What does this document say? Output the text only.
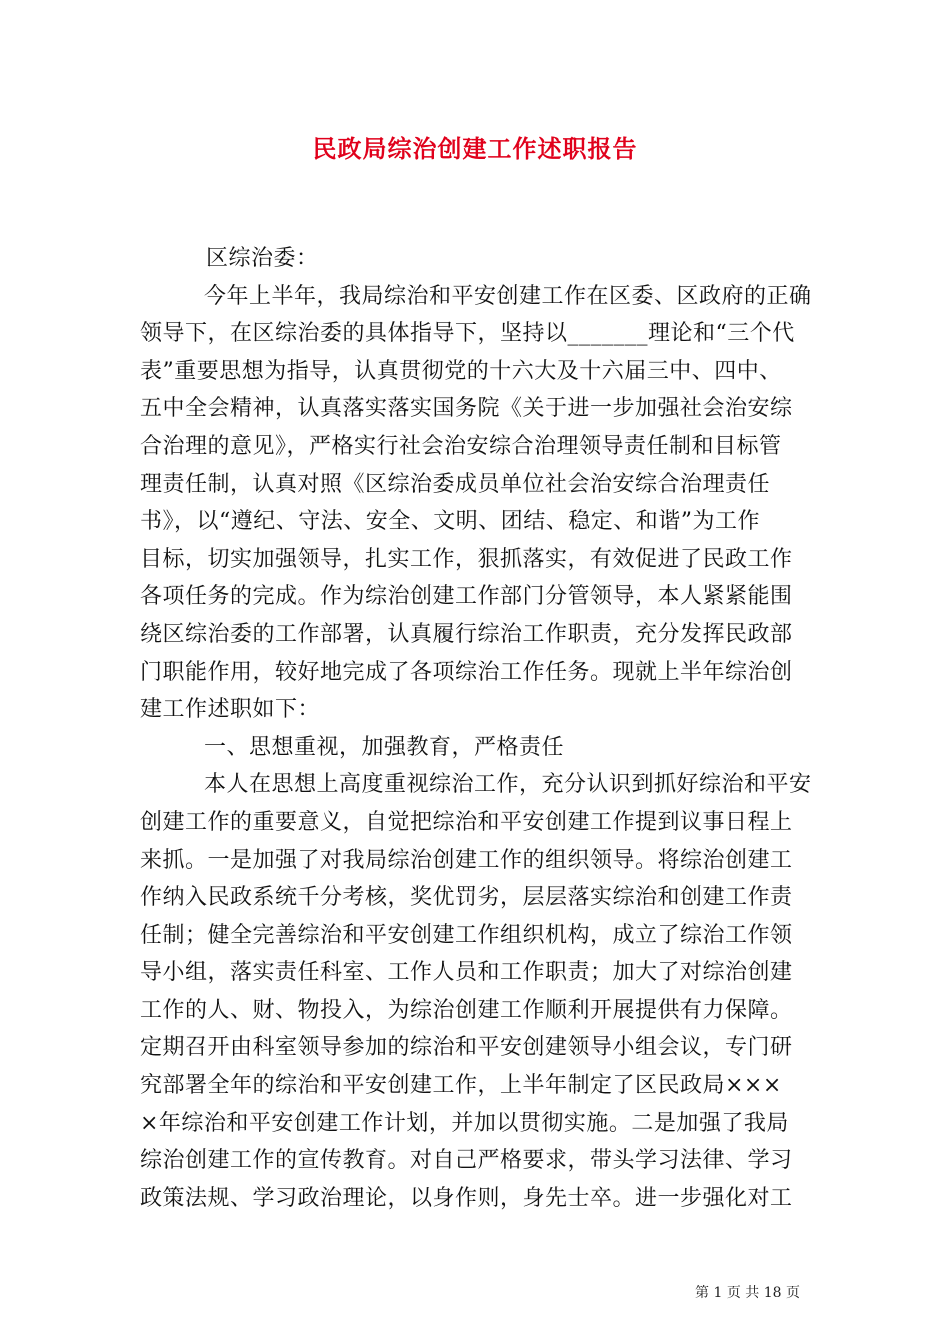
民政局综治创建工作述职报告
区综治委：
今年上半年，我局综治和平安创建工作在区委、区政府的正确
领导下，在区综治委的具体指导下，坚持以_______理论和“三个代
表”重要思想为指导，认真贯彻党的十六大及十六届三中、四中、
五中全会精神，认真落实落实国务院《关于进一步加强社会治安综
合治理的意见》，严格实行社会治安综合治理领导责任制和目标管
理责任制，认真对照《区综治委成员单位社会治安综合治理责任
书》，以“遵纪、守法、安全、文明、团结、稳定、和谐”为工作
目标，切实加强领导，扎实工作，狠抓落实，有效促进了民政工作
各项任务的完成。作为综治创建工作部门分管领导，本人紧紧能围
绕区综治委的工作部署，认真履行综治工作职责，充分发挥民政部
门职能作用，较好地完成了各项综治工作任务。现就上半年综治创
建工作述职如下：
一、思想重视，加强教育，严格责任
本人在思想上高度重视综治工作，充分认识到抓好综治和平安
创建工作的重要意义，自觉把综治和平安创建工作提到议事日程上
来抓。一是加强了对我局综治创建工作的组织领导。将综治创建工
作纳入民政系统千分考核，奖优罚劣，层层落实综治和创建工作责
任制；健全完善综治和平安创建工作组织机构，成立了综治工作领
导小组，落实责任科室、工作人员和工作职责；加大了对综治创建
工作的人、财、物投入，为综治创建工作顺利开展提供有力保障。
定期召开由科室领导参加的综治和平安创建领导小组会议，专门研
究部署全年的综治和平安创建工作，上半年制定了区民政局×××
×年综治和平安创建工作计划，并加以贯彻实施。二是加强了我局
综治创建工作的宣传教育。对自己严格要求，带头学习法律、学习
政策法规、学习政治理论，以身作则，身先士卒。进一步强化对工
第 1 页 共 18 页
